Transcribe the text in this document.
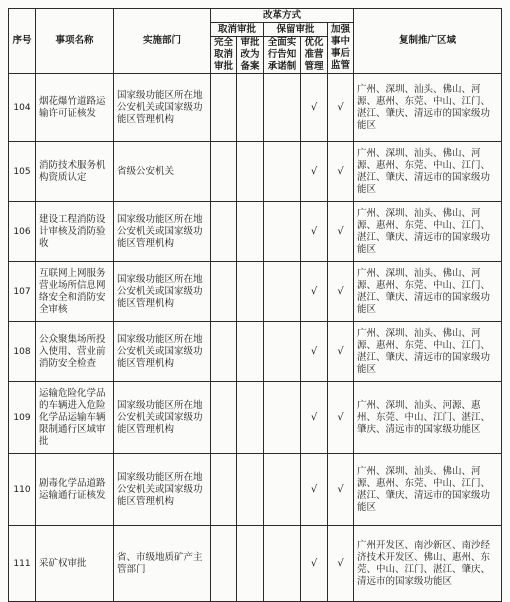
序号	事项名称	实施部门	改革方式					复制推广区域
			取消审批		保留审批		加强事中事后监管	
			完全取消审批	审批改为备案	全面实行告知承诺制	优化准营管理		
104	烟花爆竹道路运输许可证核发	国家级功能区所在地公安机关或国家级功能区管理机构				√	√	广州、深圳、汕头、佛山、河源、惠州、东莞、中山、江门、湛江、肇庆、清远市的国家级功能区
105	消防技术服务机构资质认定	省级公安机关				√	√	广州、深圳、汕头、佛山、河源、惠州、东莞、中山、江门、湛江、肇庆、清远市的国家级功能区
106	建设工程消防设计审核及消防验收	国家级功能区所在地公安机关或国家级功能区管理机构				√	√	广州、深圳、汕头、佛山、河源、惠州、东莞、中山、江门、湛江、肇庆、清远市的国家级功能区
107	互联网上网服务营业场所信息网络安全和消防安全审核	国家级功能区所在地公安机关或国家级功能区管理机构				√	√	广州、深圳、汕头、佛山、河源、惠州、东莞、中山、江门、湛江、肇庆、清远市的国家级功能区
108	公众聚集场所投入使用、营业前消防安全检查	国家级功能区所在地公安机关或国家级功能区管理机构				√	√	广州、深圳、汕头、佛山、河源、惠州、东莞、中山、江门、湛江、肇庆、清远市的国家级功能区
109	运输危险化学品的车辆进入危险化学品运输车辆限制通行区域审批	国家级功能区所在地公安机关或国家级功能区管理机构				√	√	广州、深圳、汕头、河源、惠州、东莞、中山、江门、湛江、肇庆、清远市的国家级功能区
110	剧毒化学品道路运输通行证核发	国家级功能区所在地公安机关或国家级功能区管理机构				√	√	广州、深圳、汕头、佛山、河源、惠州、东莞、中山、江门、湛江、肇庆、清远市的国家级功能区
111	采矿权审批	省、市级地质矿产主管部门				√	√	广州开发区、南沙新区、南沙经济技术开发区、佛山、惠州、东莞、中山、江门、湛江、肇庆、清远市的国家级功能区
